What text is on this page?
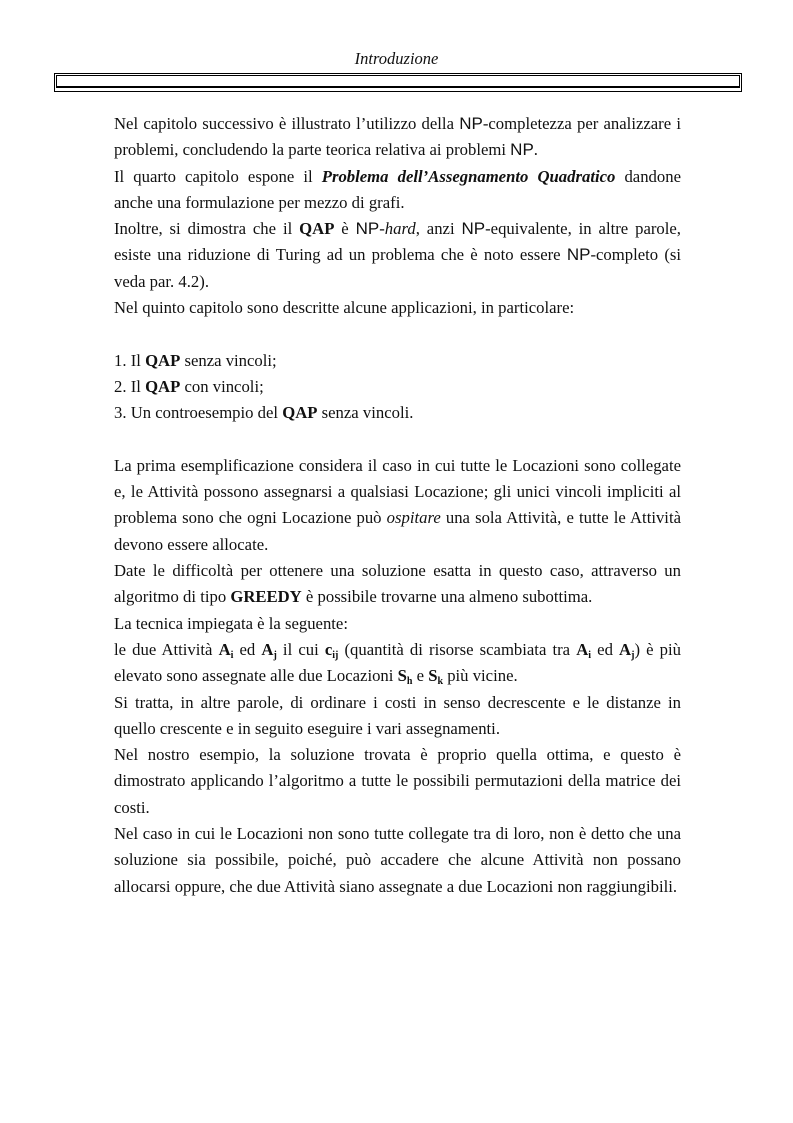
Introduzione

Nel capitolo successivo è illustrato l’utilizzo della NP-completezza per analizzare i problemi, concludendo la parte teorica relativa ai problemi NP.

Il quarto capitolo espone il Problema dell’Assegnamento Quadratico dandone anche una formulazione per mezzo di grafi.

Inoltre, si dimostra che il QAP è NP-hard, anzi NP-equivalente, in altre parole, esiste una riduzione di Turing ad un problema che è noto essere NP-completo (si veda par. 4.2).

Nel quinto capitolo sono descritte alcune applicazioni, in particolare:

1. Il QAP senza vincoli;

2. Il QAP con vincoli;

3. Un controesempio del QAP senza vincoli.

La prima esemplificazione considera il caso in cui tutte le Locazioni sono collegate e, le Attività possono assegnarsi a qualsiasi Locazione; gli unici vincoli impliciti al problema sono che ogni Locazione può ospitare una sola Attività, e tutte le Attività devono essere allocate.

Date le difficoltà per ottenere una soluzione esatta in questo caso, attraverso un algoritmo di tipo GREEDY è possibile trovarne una almeno subottima.

La tecnica impiegata è la seguente:

le due Attività $A_i$ ed $A_j$ il cui $c_{ij}$ (quantità di risorse scambiata tra $A_i$ ed $A_j$) è più elevato sono assegnate alle due Locazioni $S_h$ e $S_k$ più vicine.

Si tratta, in altre parole, di ordinare i costi in senso decrescente e le distanze in quello crescente e in seguito eseguire i vari assegnamenti.

Nel nostro esempio, la soluzione trovata è proprio quella ottima, e questo è dimostrato applicando l’algoritmo a tutte le possibili permutazioni della matrice dei costi.

Nel caso in cui le Locazioni non sono tutte collegate tra di loro, non è detto che una soluzione sia possibile, poiché, può accadere che alcune Attività non possano allocarsi oppure, che due Attività siano assegnate a due Locazioni non raggiungibili.
